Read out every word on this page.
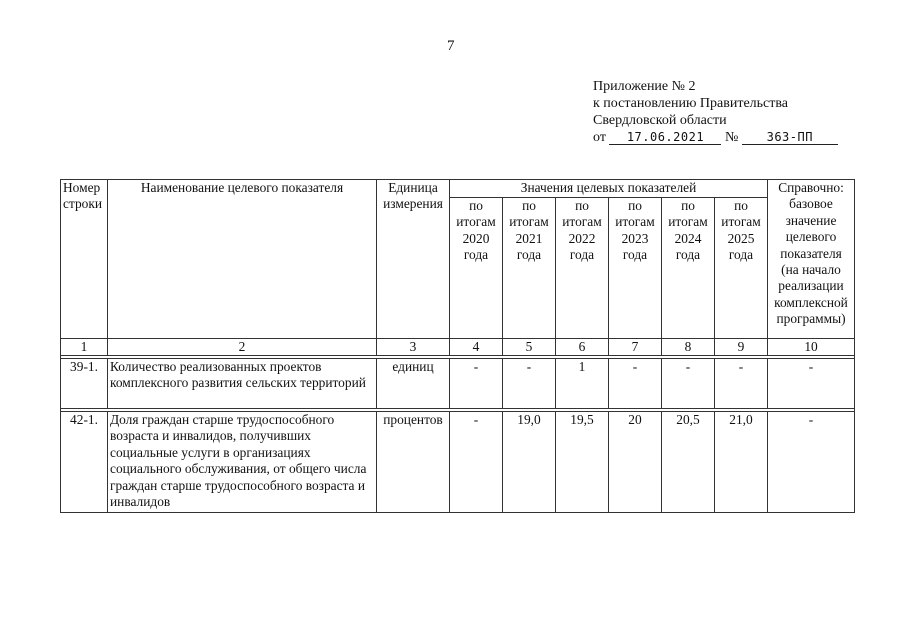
7
Приложение № 2
к постановлению Правительства
Свердловской области
от 17.06.2021 № 363-ПП
Номер строки	Наименование целевого показателя	Единица измерения	Значения целевых показателей						Справочно: базовое значение целевого показателя (на начало реализации комплексной программы)
			по итогам 2020 года	по итогам 2021 года	по итогам 2022 года	по итогам 2023 года	по итогам 2024 года	по итогам 2025 года	
1	2	3	4	5	6	7	8	9	10

39-1.	Количество реализованных проектов комплексного развития сельских территорий	единиц	-	-	1	-	-	-	-

42-1.	Доля граждан старше трудоспособного возраста и инвалидов, получивших социальные услуги в организациях социального обслуживания, от общего числа граждан старше трудоспособного возраста и инвалидов	процентов	-	19,0	19,5	20	20,5	21,0	-
